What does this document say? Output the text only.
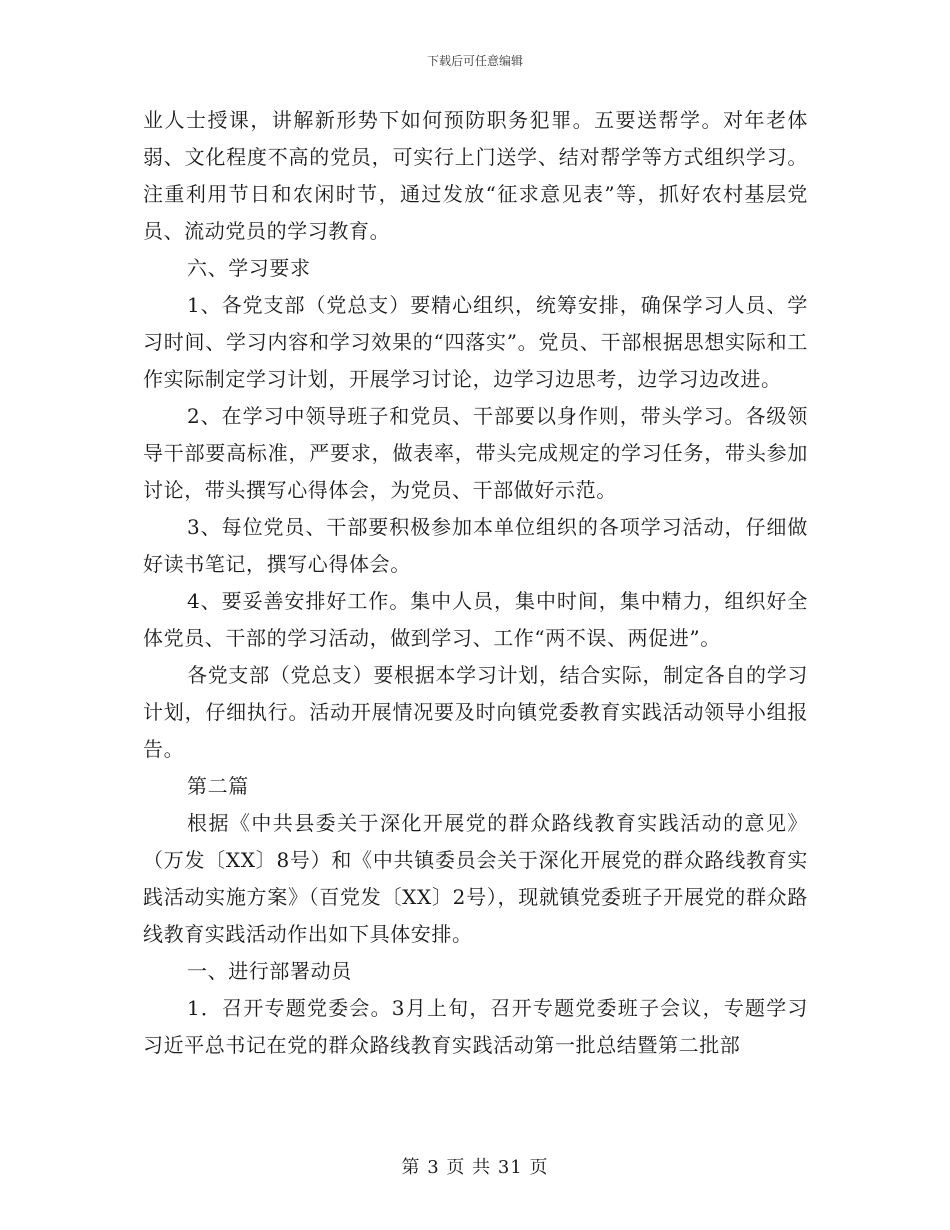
下载后可任意编辑

业人士授课，讲解新形势下如何预防职务犯罪。五要送帮学。对年老体弱、文化程度不高的党员，可实行上门送学、结对帮学等方式组织学习。注重利用节日和农闲时节，通过发放“征求意见表”等，抓好农村基层党员、流动党员的学习教育。

六、学习要求

1、各党支部（党总支）要精心组织，统筹安排，确保学习人员、学习时间、学习内容和学习效果的“四落实”。党员、干部根据思想实际和工作实际制定学习计划，开展学习讨论，边学习边思考，边学习边改进。

2、在学习中领导班子和党员、干部要以身作则，带头学习。各级领导干部要高标准，严要求，做表率，带头完成规定的学习任务，带头参加讨论，带头撰写心得体会，为党员、干部做好示范。

3、每位党员、干部要积极参加本单位组织的各项学习活动，仔细做好读书笔记，撰写心得体会。

4、要妥善安排好工作。集中人员，集中时间，集中精力，组织好全体党员、干部的学习活动，做到学习、工作“两不误、两促进”。

各党支部（党总支）要根据本学习计划，结合实际，制定各自的学习计划，仔细执行。活动开展情况要及时向镇党委教育实践活动领导小组报告。

第二篇

根据《中共县委关于深化开展党的群众路线教育实践活动的意见》（万发〔XX〕8号）和《中共镇委员会关于深化开展党的群众路线教育实践活动实施方案》（百党发〔XX〕2号），现就镇党委班子开展党的群众路线教育实践活动作出如下具体安排。

一、进行部署动员

1．召开专题党委会。3月上旬，召开专题党委班子会议，专题学习习近平总书记在党的群众路线教育实践活动第一批总结暨第二批部

第 3 页 共 31 页
